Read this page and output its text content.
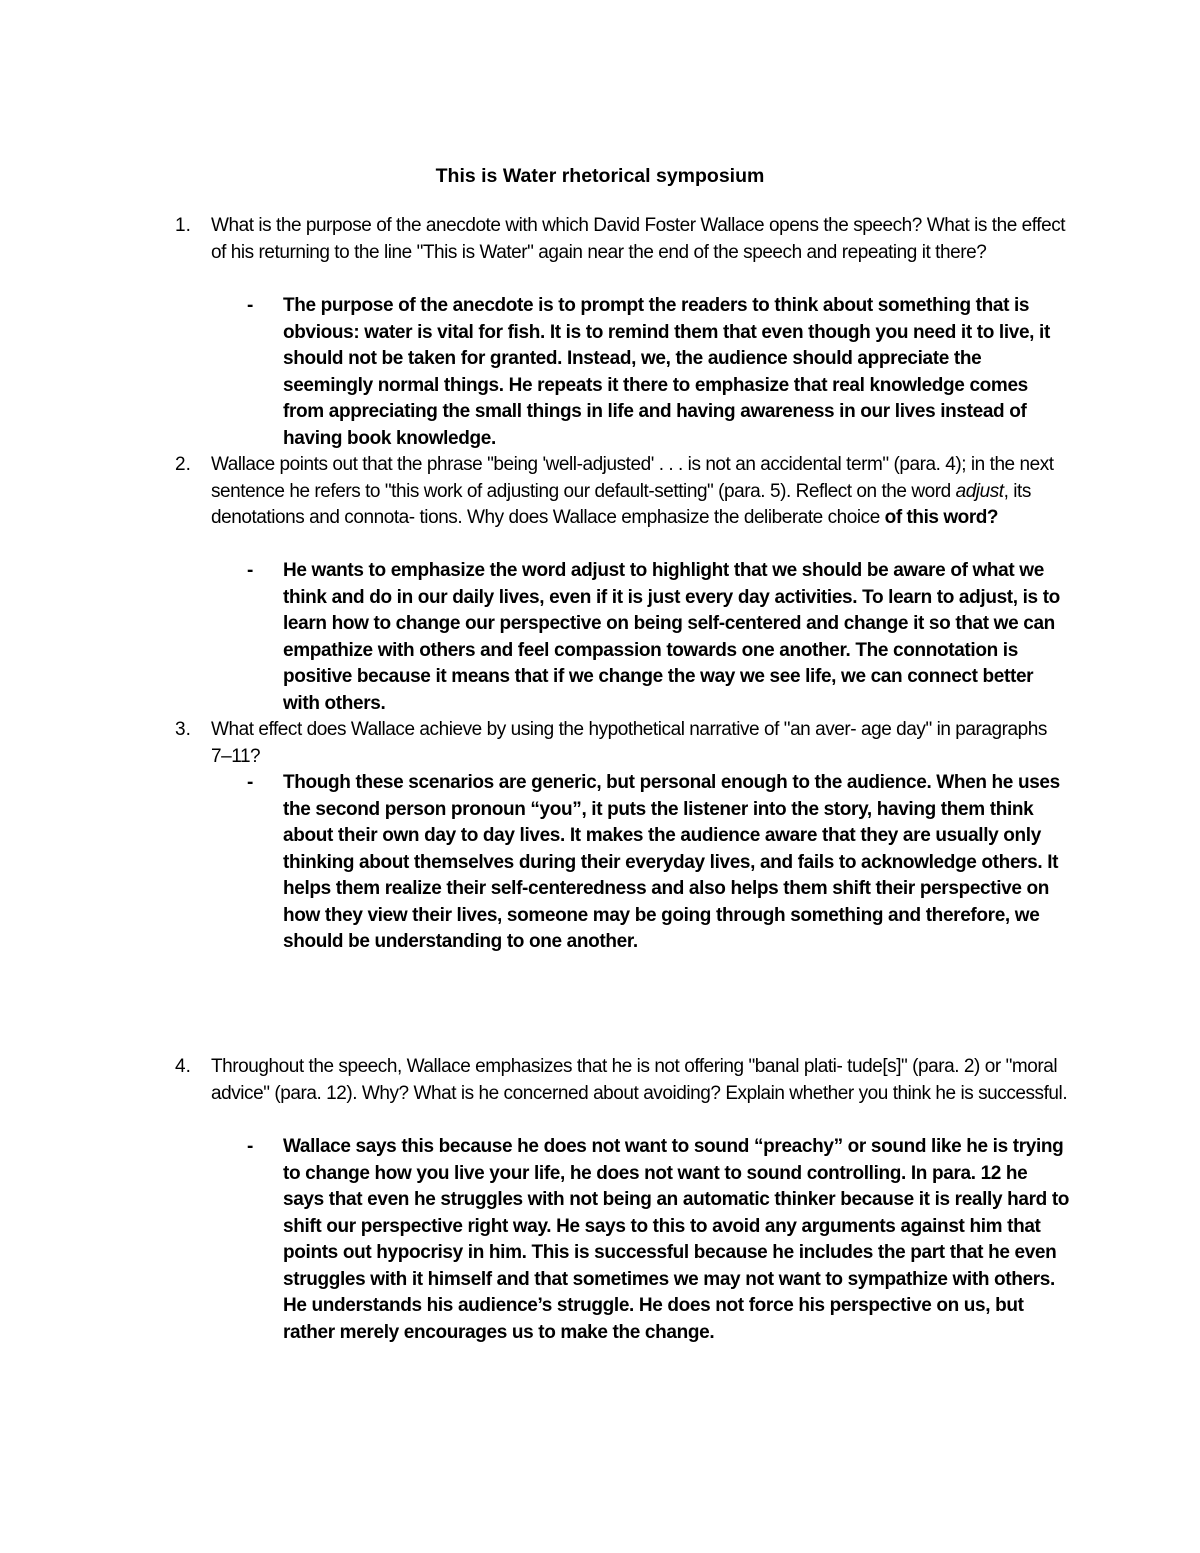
This is Water rhetorical symposium
1. What is the purpose of the anecdote with which David Foster Wallace opens the speech? What is the effect of his returning to the line "This is Water" again near the end of the speech and repeating it there?
- The purpose of the anecdote is to prompt the readers to think about something that is obvious: water is vital for fish. It is to remind them that even though you need it to live, it should not be taken for granted. Instead, we, the audience should appreciate the seemingly normal things. He repeats it there to emphasize that real knowledge comes from appreciating the small things in life and having awareness in our lives instead of having book knowledge.
2. Wallace points out that the phrase "being 'well-adjusted' . . . is not an accidental term" (para. 4); in the next sentence he refers to "this work of adjusting our default-setting" (para. 5). Reflect on the word adjust, its denotations and connota- tions. Why does Wallace emphasize the deliberate choice of this word?
- He wants to emphasize the word adjust to highlight that we should be aware of what we think and do in our daily lives, even if it is just every day activities. To learn to adjust, is to learn how to change our perspective on being self-centered and change it so that we can empathize with others and feel compassion towards one another. The connotation is positive because it means that if we change the way we see life, we can connect better with others.
3. What effect does Wallace achieve by using the hypothetical narrative of "an aver- age day" in paragraphs 7–11?
- Though these scenarios are generic, but personal enough to the audience. When he uses the second person pronoun “you”, it puts the listener into the story, having them think about their own day to day lives. It makes the audience aware that they are usually only thinking about themselves during their everyday lives, and fails to acknowledge others. It helps them realize their self-centeredness and also helps them shift their perspective on how they view their lives, someone may be going through something and therefore, we should be understanding to one another.
4. Throughout the speech, Wallace emphasizes that he is not offering "banal plati- tude[s]" (para. 2) or "moral advice" (para. 12). Why? What is he concerned about avoiding? Explain whether you think he is successful.
- Wallace says this because he does not want to sound “preachy” or sound like he is trying to change how you live your life, he does not want to sound controlling. In para. 12 he says that even he struggles with not being an automatic thinker because it is really hard to shift our perspective right way. He says to this to avoid any arguments against him that points out hypocrisy in him. This is successful because he includes the part that he even struggles with it himself and that sometimes we may not want to sympathize with others. He understands his audience’s struggle. He does not force his perspective on us, but rather merely encourages us to make the change.
